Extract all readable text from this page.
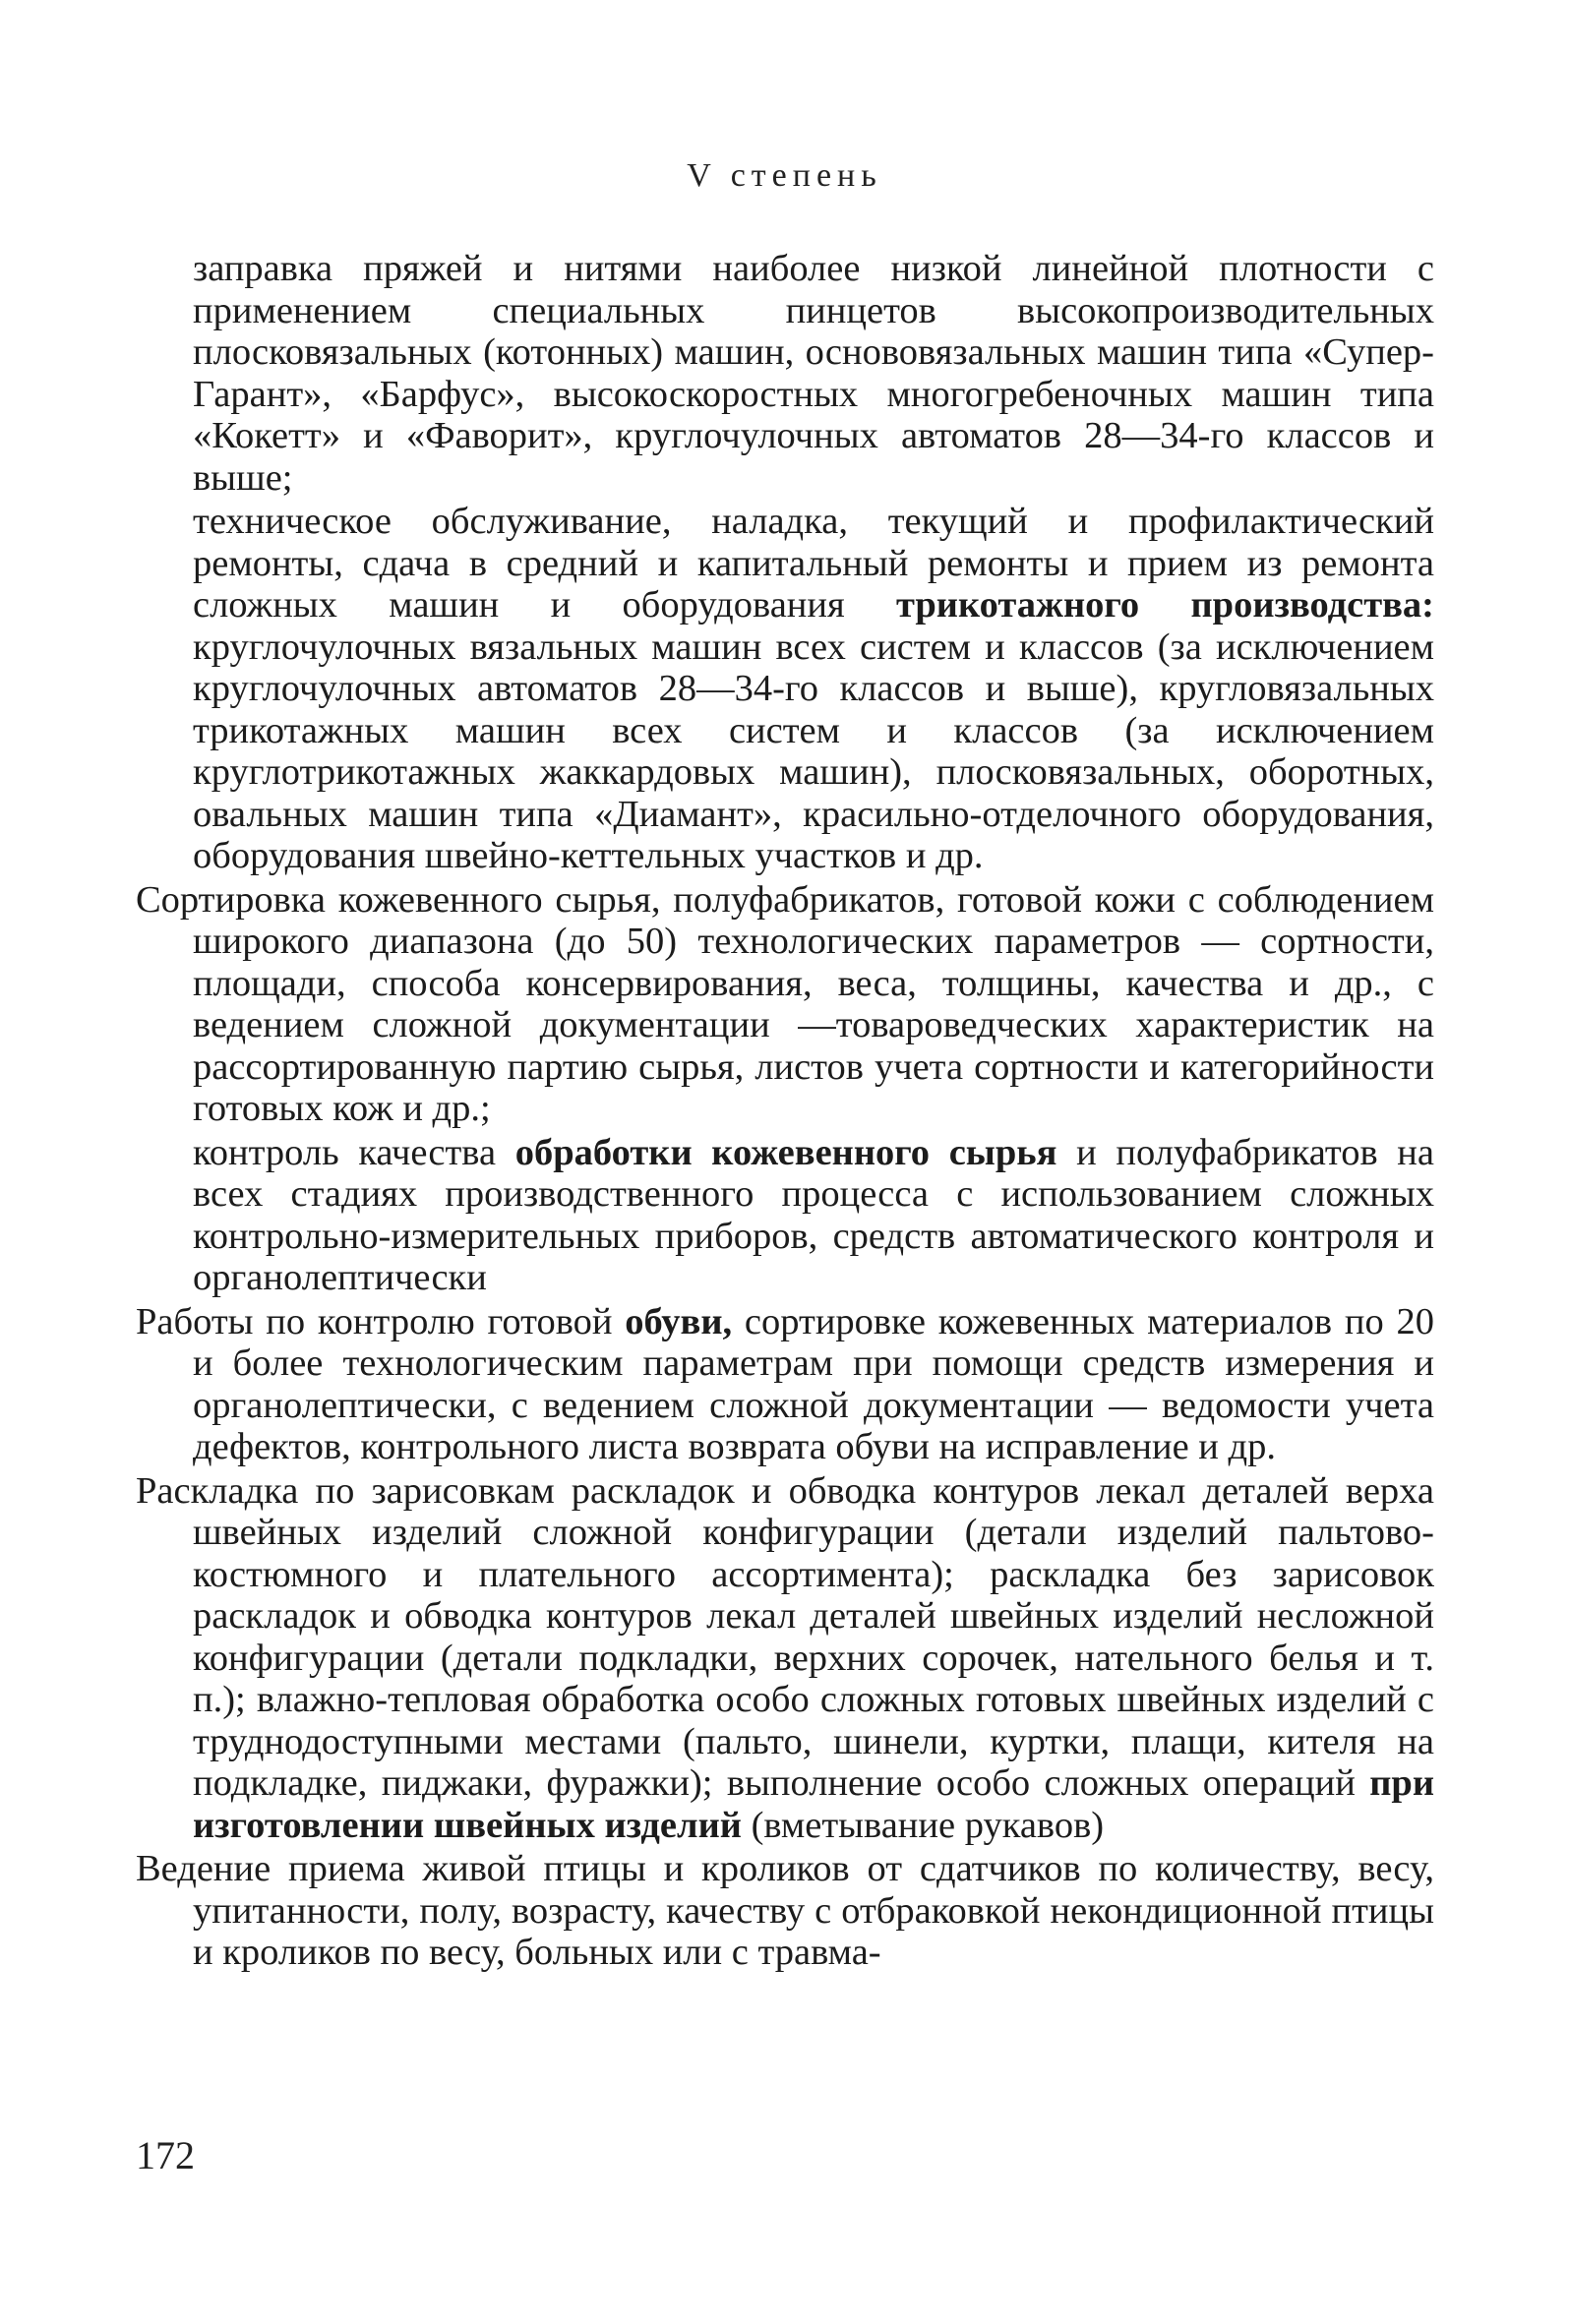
V степень

заправка пряжей и нитями наиболее низкой линейной плотности с применением специальных пинцетов высокопроизводительных плосковязальных (котонных) машин, основовязальных машин типа «Супер-Гарант», «Барфус», высокоскоростных многогребеночных машин типа «Кокетт» и «Фаворит», круглочулочных автоматов 28—34-го классов и выше;

техническое обслуживание, наладка, текущий и профилактический ремонты, сдача в средний и капитальный ремонты и прием из ремонта сложных машин и оборудования трикотажного производства: круглочулочных вязальных машин всех систем и классов (за исключением круглочулочных автоматов 28—34-го классов и выше), кругловязальных трикотажных машин всех систем и классов (за исключением круглотрикотажных жаккардовых машин), плосковязальных, оборотных, овальных машин типа «Диамант», красильно-отделочного оборудования, оборудования швейно-кеттельных участков и др.

Сортировка кожевенного сырья, полуфабрикатов, готовой кожи с соблюдением широкого диапазона (до 50) технологических параметров — сортности, площади, способа консервирования, веса, толщины, качества и др., с ведением сложной документации —товароведческих характеристик на рассортированную партию сырья, листов учета сортности и категорийности готовых кож и др.;

контроль качества обработки кожевенного сырья и полуфабрикатов на всех стадиях производственного процесса с использованием сложных контрольно-измерительных приборов, средств автоматического контроля и органолептически

Работы по контролю готовой обуви, сортировке кожевенных материалов по 20 и более технологическим параметрам при помощи средств измерения и органолептически, с ведением сложной документации — ведомости учета дефектов, контрольного листа возврата обуви на исправление и др.

Раскладка по зарисовкам раскладок и обводка контуров лекал деталей верха швейных изделий сложной конфигурации (детали изделий пальтово-костюмного и плательного ассортимента); раскладка без зарисовок раскладок и обводка контуров лекал деталей швейных изделий несложной конфигурации (детали подкладки, верхних сорочек, нательного белья и т. п.); влажно-тепловая обработка особо сложных готовых швейных изделий с труднодоступными местами (пальто, шинели, куртки, плащи, кителя на подкладке, пиджаки, фуражки); выполнение особо сложных операций при изготовлении швейных изделий (вметывание рукавов)

Ведение приема живой птицы и кроликов от сдатчиков по количеству, весу, упитанности, полу, возрасту, качеству с отбраковкой некондиционной птицы и кроликов по весу, больных или с травма-

172
